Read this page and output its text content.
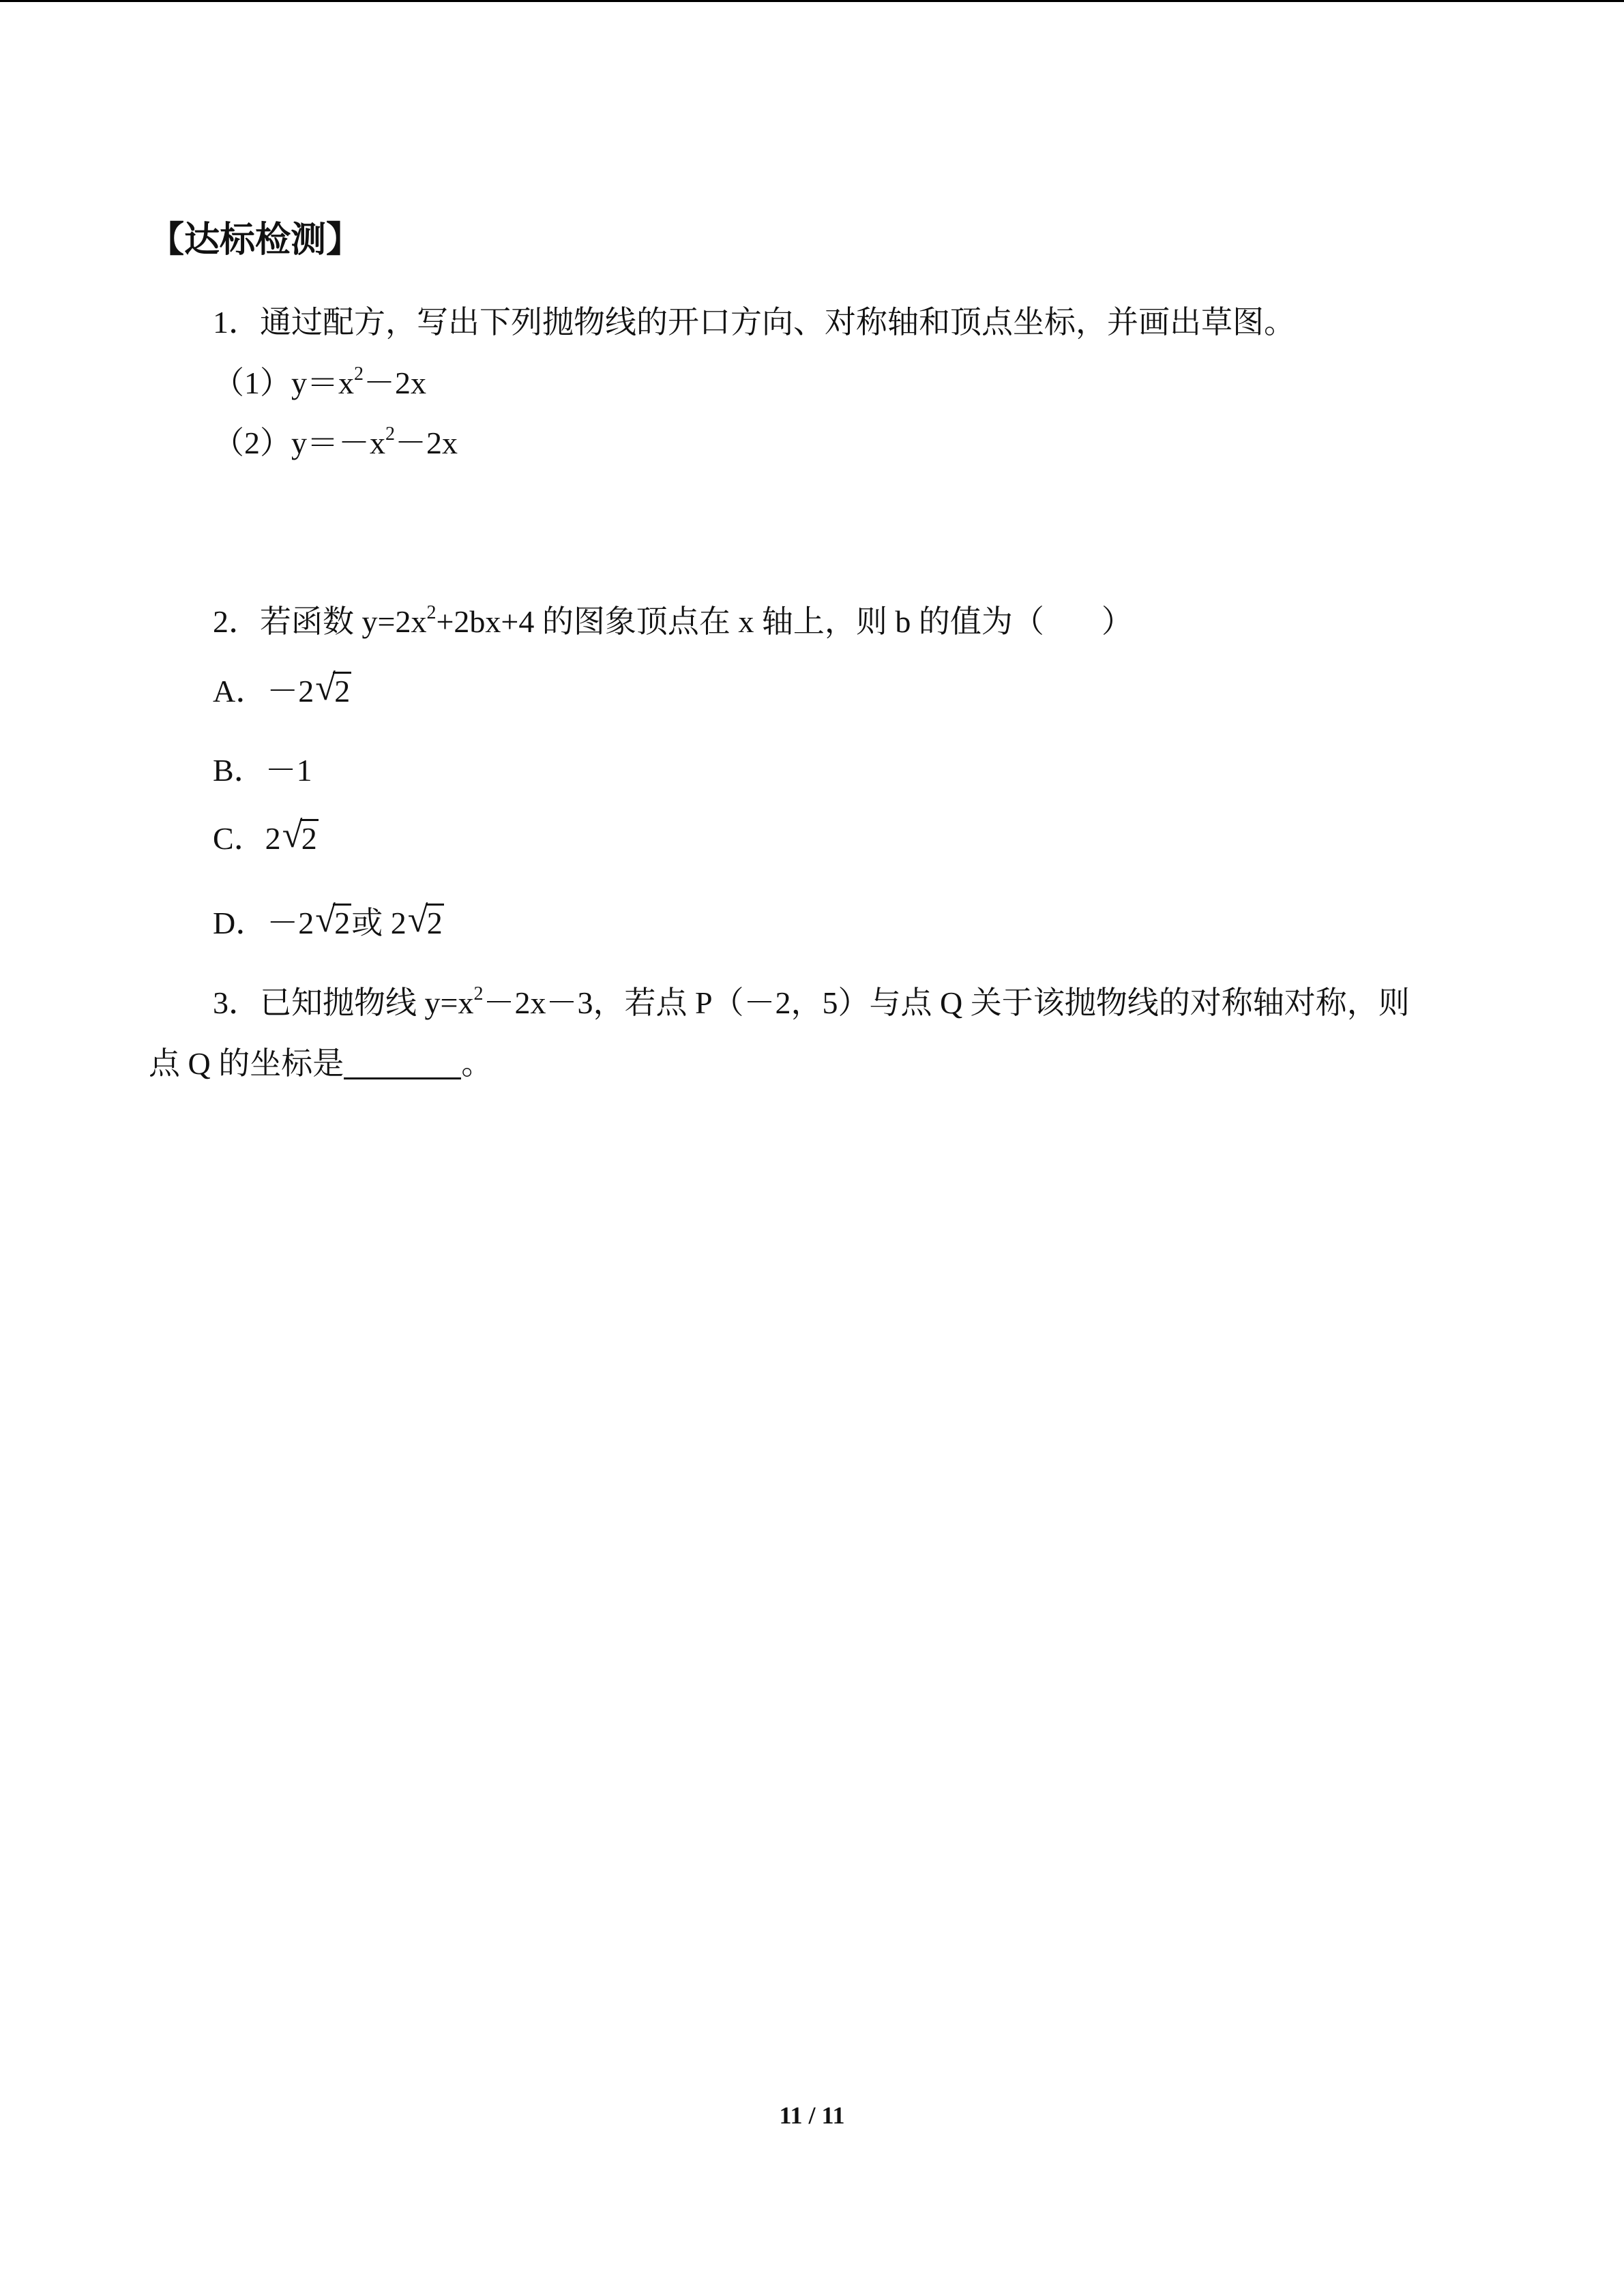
【达标检测】
1．通过配方，写出下列抛物线的开口方向、对称轴和顶点坐标，并画出草图。
$(1)y=x^2-2x$
$(2)y=-x^2-2x$
2．若函数 $y=2x^2+2bx+4$ 的图象顶点在 x 轴上，则 b 的值为（ ）
A．－2 √
2
B．－1
C．2 √
2
D．－2 √
2或 2 √
2
3．已知抛物线 $y=x^2-2x-3$，若点 P（－2，5）与点 Q 关于该抛物线的对称轴对称，则
点 Q 的坐标是	。
11 / 11
